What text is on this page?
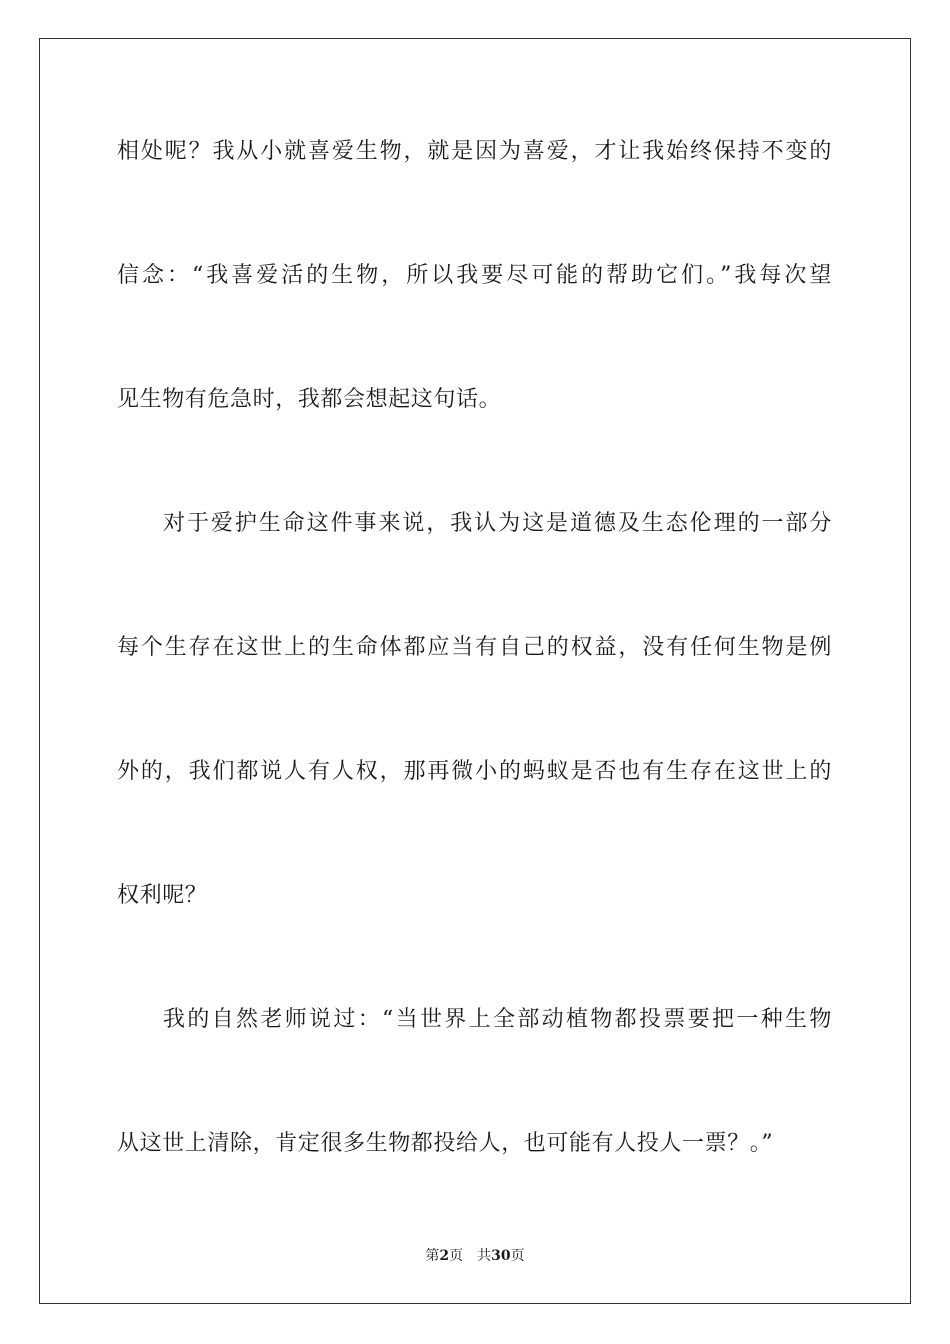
相处呢？我从小就喜爱生物，就是因为喜爱，才让我始终保持不变的
信念：“我喜爱活的生物，所以我要尽可能的帮助它们。”我每次望
见生物有危急时，我都会想起这句话。
对于爱护生命这件事来说，我认为这是道德及生态伦理的一部分
每个生存在这世上的生命体都应当有自己的权益，没有任何生物是例
外的，我们都说人有人权，那再微小的蚂蚁是否也有生存在这世上的
权利呢？
我的自然老师说过：“当世界上全部动植物都投票要把一种生物
从这世上清除，肯定很多生物都投给人，也可能有人投人一票？。”
第2页　共30页
